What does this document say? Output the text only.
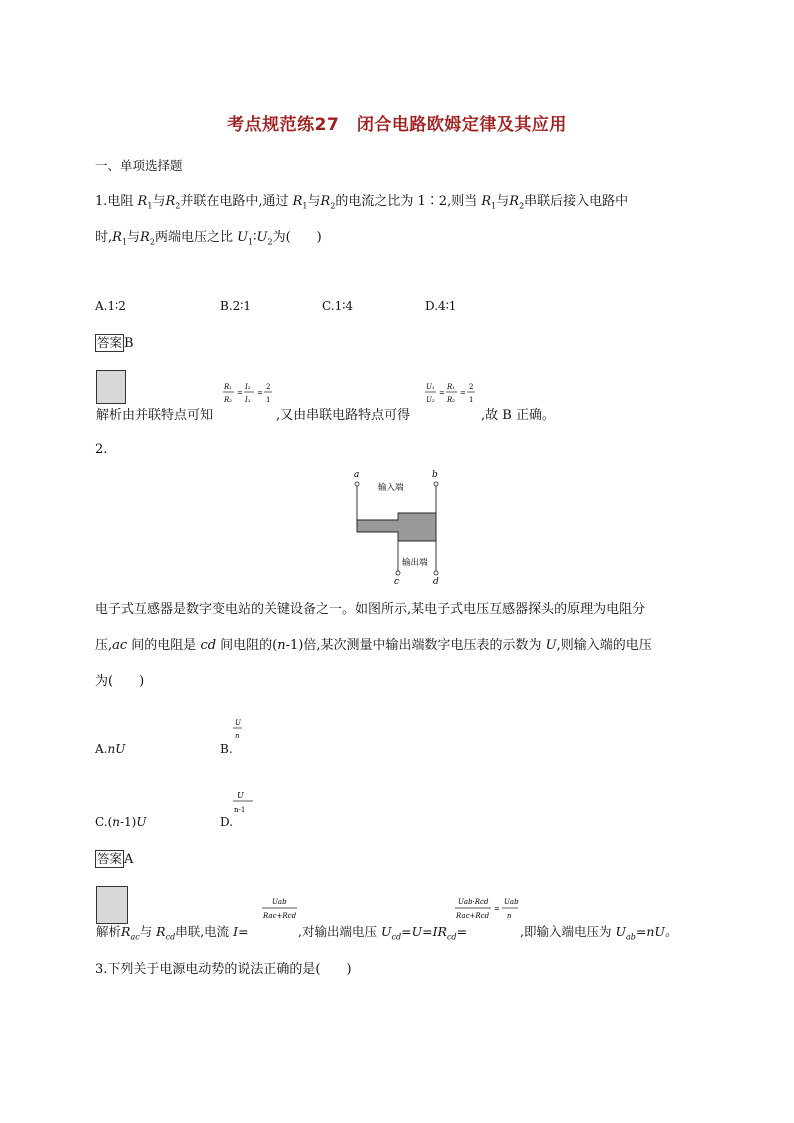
考点规范练27　闭合电路欧姆定律及其应用
一、单项选择题
1.电阻 $R_1$与$R_2$并联在电路中,通过 $R_1$与$R_2$的电流之比为 1∶2,则当 $R_1$与$R_2$串联后接入电路中
时$,R_1$与$R_2$两端电压之比 $U_1∶U_2$为(　　)
A.1∶2	B.2∶1	C.1∶4	D.4∶1
答案 B
解析由并联特点可知
R₁
R₂
=
I₂
I₁
=
2
1
,又由串联电路特点可得
U₁
U₂
=
R₁
R₂
=
2
1
,故 B 正确。
2.
a	b
输入端
输出端
c	d
电子式互感器是数字变电站的关键设备之一。如图所示,某电子式电压互感器探头的原理为电阻分
压,ac 间的电阻是 cd 间电阻的(n-1)倍,某次测量中输出端数字电压表的示数为 U,则输入端的电压
为(　　)
A.nU	B.
U
n
C.(n-1)U	D.
U
n-1
答案 A
解析$R_{ac}$与 $R_{cd}$串联,电流 I=
Uab
Rac+Rcd
,对输出端电压 $U_{cd}=U=IR_{cd}=$
Uab·Rcd
Rac+Rcd
=
Uab
n
,即输入端电压为 $U_{ab}=nU$。
3.下列关于电源电动势的说法正确的是(　　)
